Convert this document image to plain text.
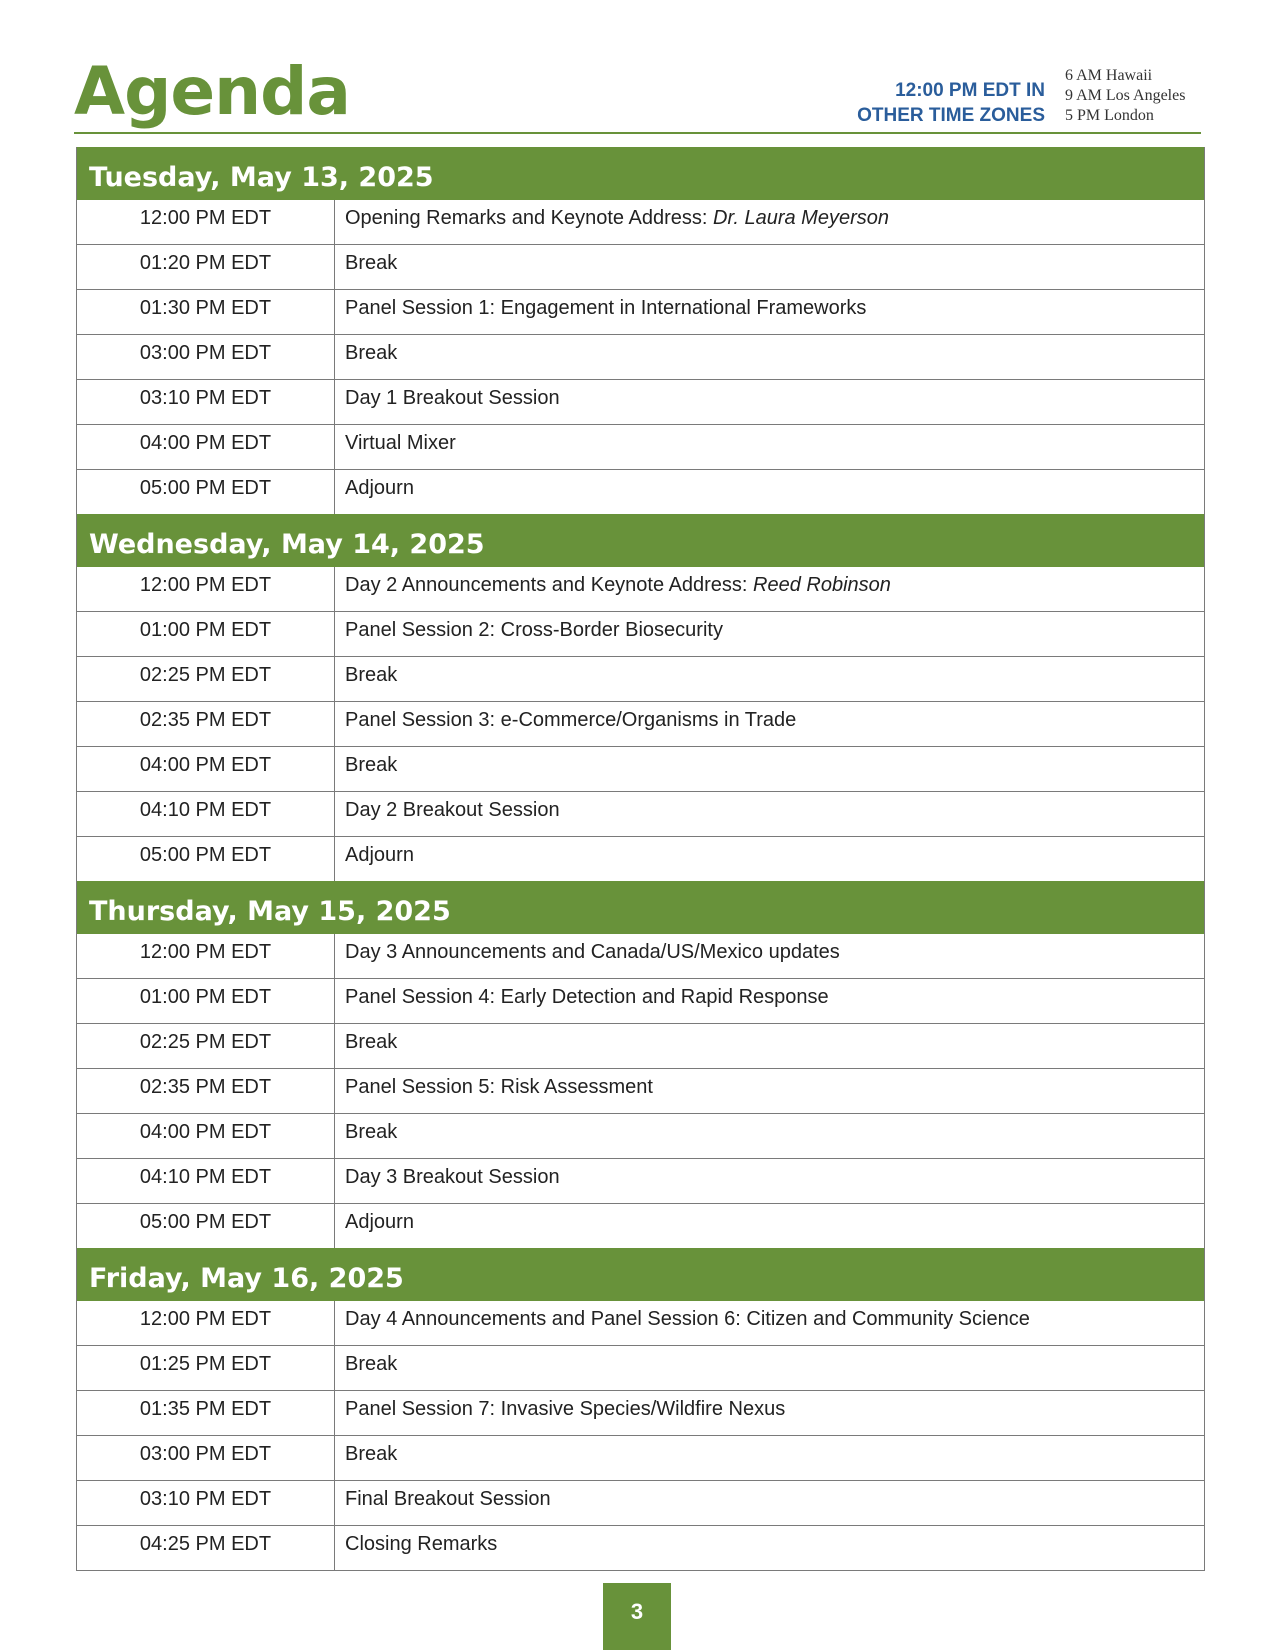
Agenda	12:00 PM EDT IN
OTHER TIME ZONES
6 AM Hawaii
9 AM Los Angeles
5 PM London
Tuesday, May 13, 2025
12:00 PM EDT	Opening Remarks and Keynote Address: Dr. Laura Meyerson
01:20 PM EDT	Break
01:30 PM EDT	Panel Session 1: Engagement in International Frameworks
03:00 PM EDT	Break
03:10 PM EDT	Day 1 Breakout Session
04:00 PM EDT	Virtual Mixer
05:00 PM EDT	Adjourn
Wednesday, May 14, 2025
12:00 PM EDT	Day 2 Announcements and Keynote Address: Reed Robinson
01:00 PM EDT	Panel Session 2: Cross-Border Biosecurity
02:25 PM EDT	Break
02:35 PM EDT	Panel Session 3: e-Commerce/Organisms in Trade
04:00 PM EDT	Break
04:10 PM EDT	Day 2 Breakout Session
05:00 PM EDT	Adjourn
Thursday, May 15, 2025
12:00 PM EDT	Day 3 Announcements and Canada/US/Mexico updates
01:00 PM EDT	Panel Session 4: Early Detection and Rapid Response
02:25 PM EDT	Break
02:35 PM EDT	Panel Session 5: Risk Assessment
04:00 PM EDT	Break
04:10 PM EDT	Day 3 Breakout Session
05:00 PM EDT	Adjourn
Friday, May 16, 2025
12:00 PM EDT	Day 4 Announcements and Panel Session 6: Citizen and Community Science
01:25 PM EDT	Break
01:35 PM EDT	Panel Session 7: Invasive Species/Wildfire Nexus
03:00 PM EDT	Break
03:10 PM EDT	Final Breakout Session
04:25 PM EDT	Closing Remarks
3
